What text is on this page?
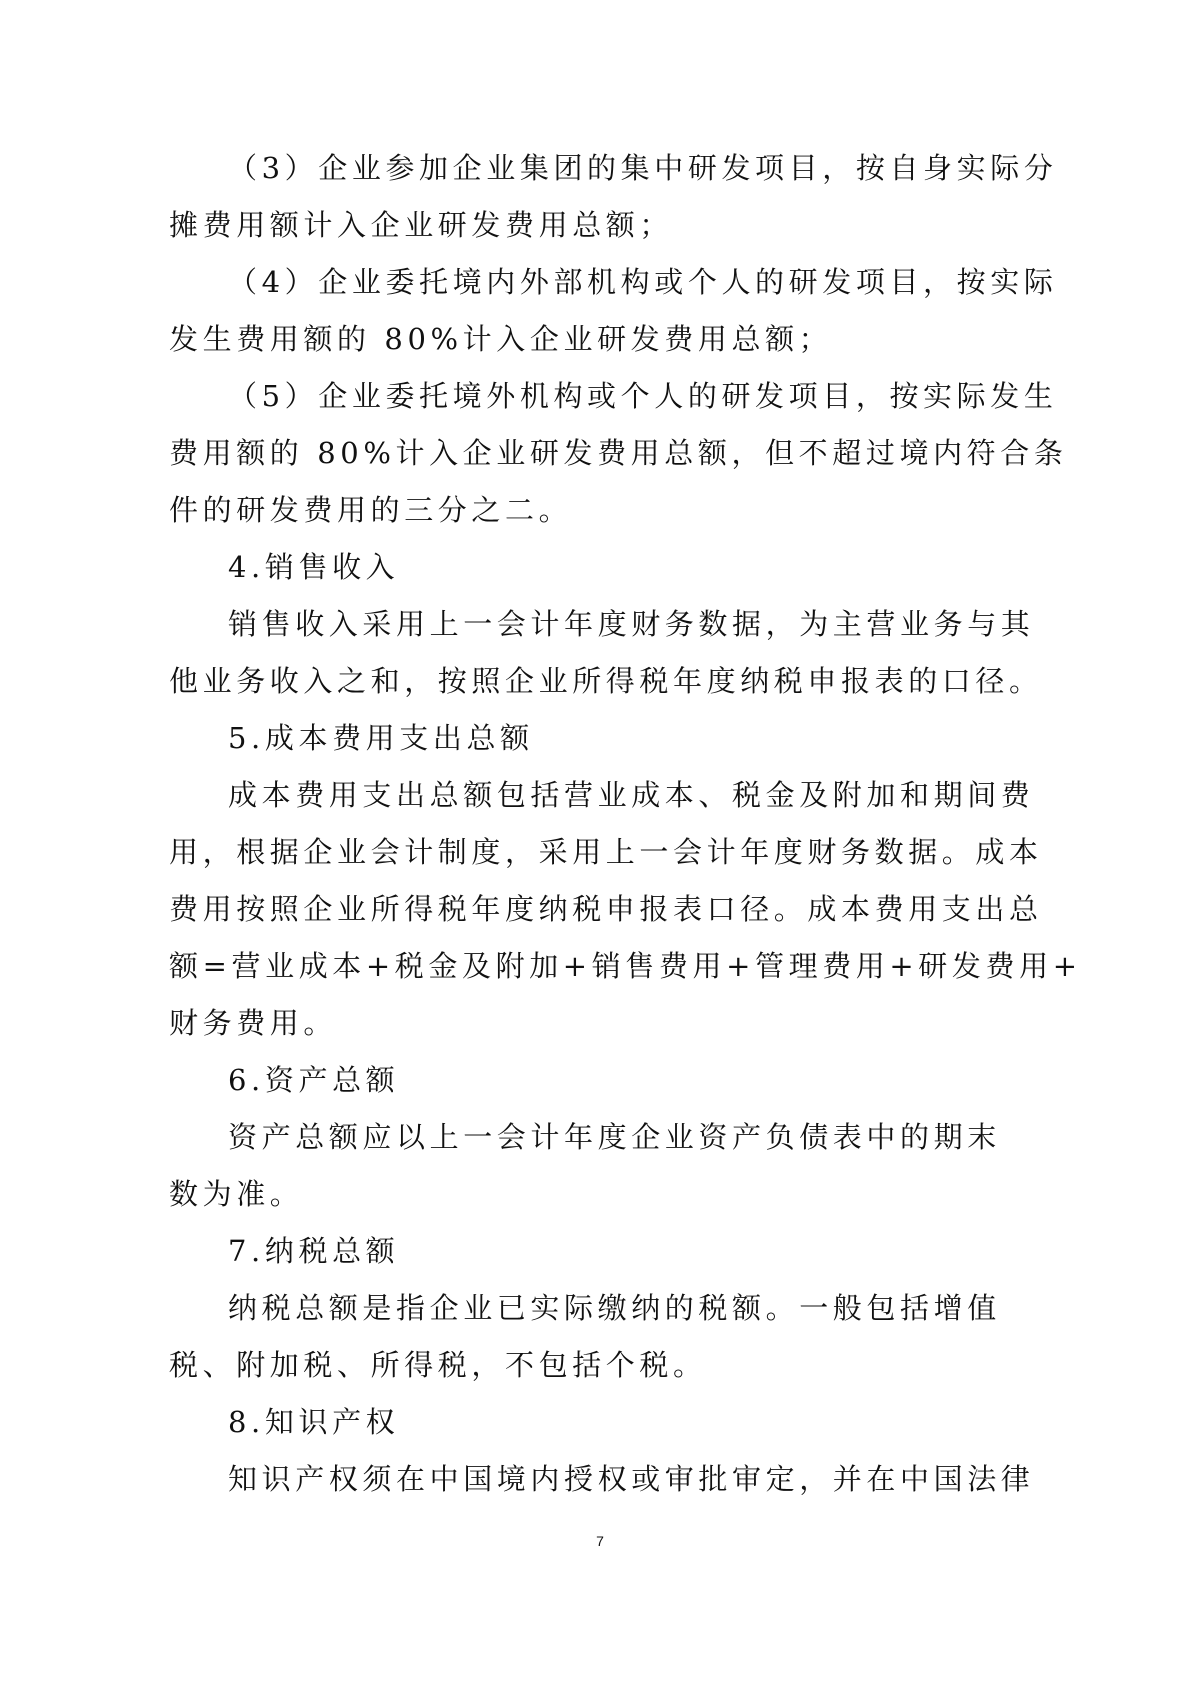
（3）企业参加企业集团的集中研发项目，按自身实际分
摊费用额计入企业研发费用总额；
（4）企业委托境内外部机构或个人的研发项目，按实际
发生费用额的 80%计入企业研发费用总额；
（5）企业委托境外机构或个人的研发项目，按实际发生
费用额的 80%计入企业研发费用总额，但不超过境内符合条
件的研发费用的三分之二。
4.销售收入
销售收入采用上一会计年度财务数据，为主营业务与其
他业务收入之和，按照企业所得税年度纳税申报表的口径。
5.成本费用支出总额
成本费用支出总额包括营业成本、税金及附加和期间费
用，根据企业会计制度，采用上一会计年度财务数据。成本
费用按照企业所得税年度纳税申报表口径。成本费用支出总
额=营业成本+税金及附加+销售费用+管理费用+研发费用+
财务费用。
6.资产总额
资产总额应以上一会计年度企业资产负债表中的期末
数为准。
7.纳税总额
纳税总额是指企业已实际缴纳的税额。一般包括增值
税、附加税、所得税，不包括个税。
8.知识产权
知识产权须在中国境内授权或审批审定，并在中国法律
7
